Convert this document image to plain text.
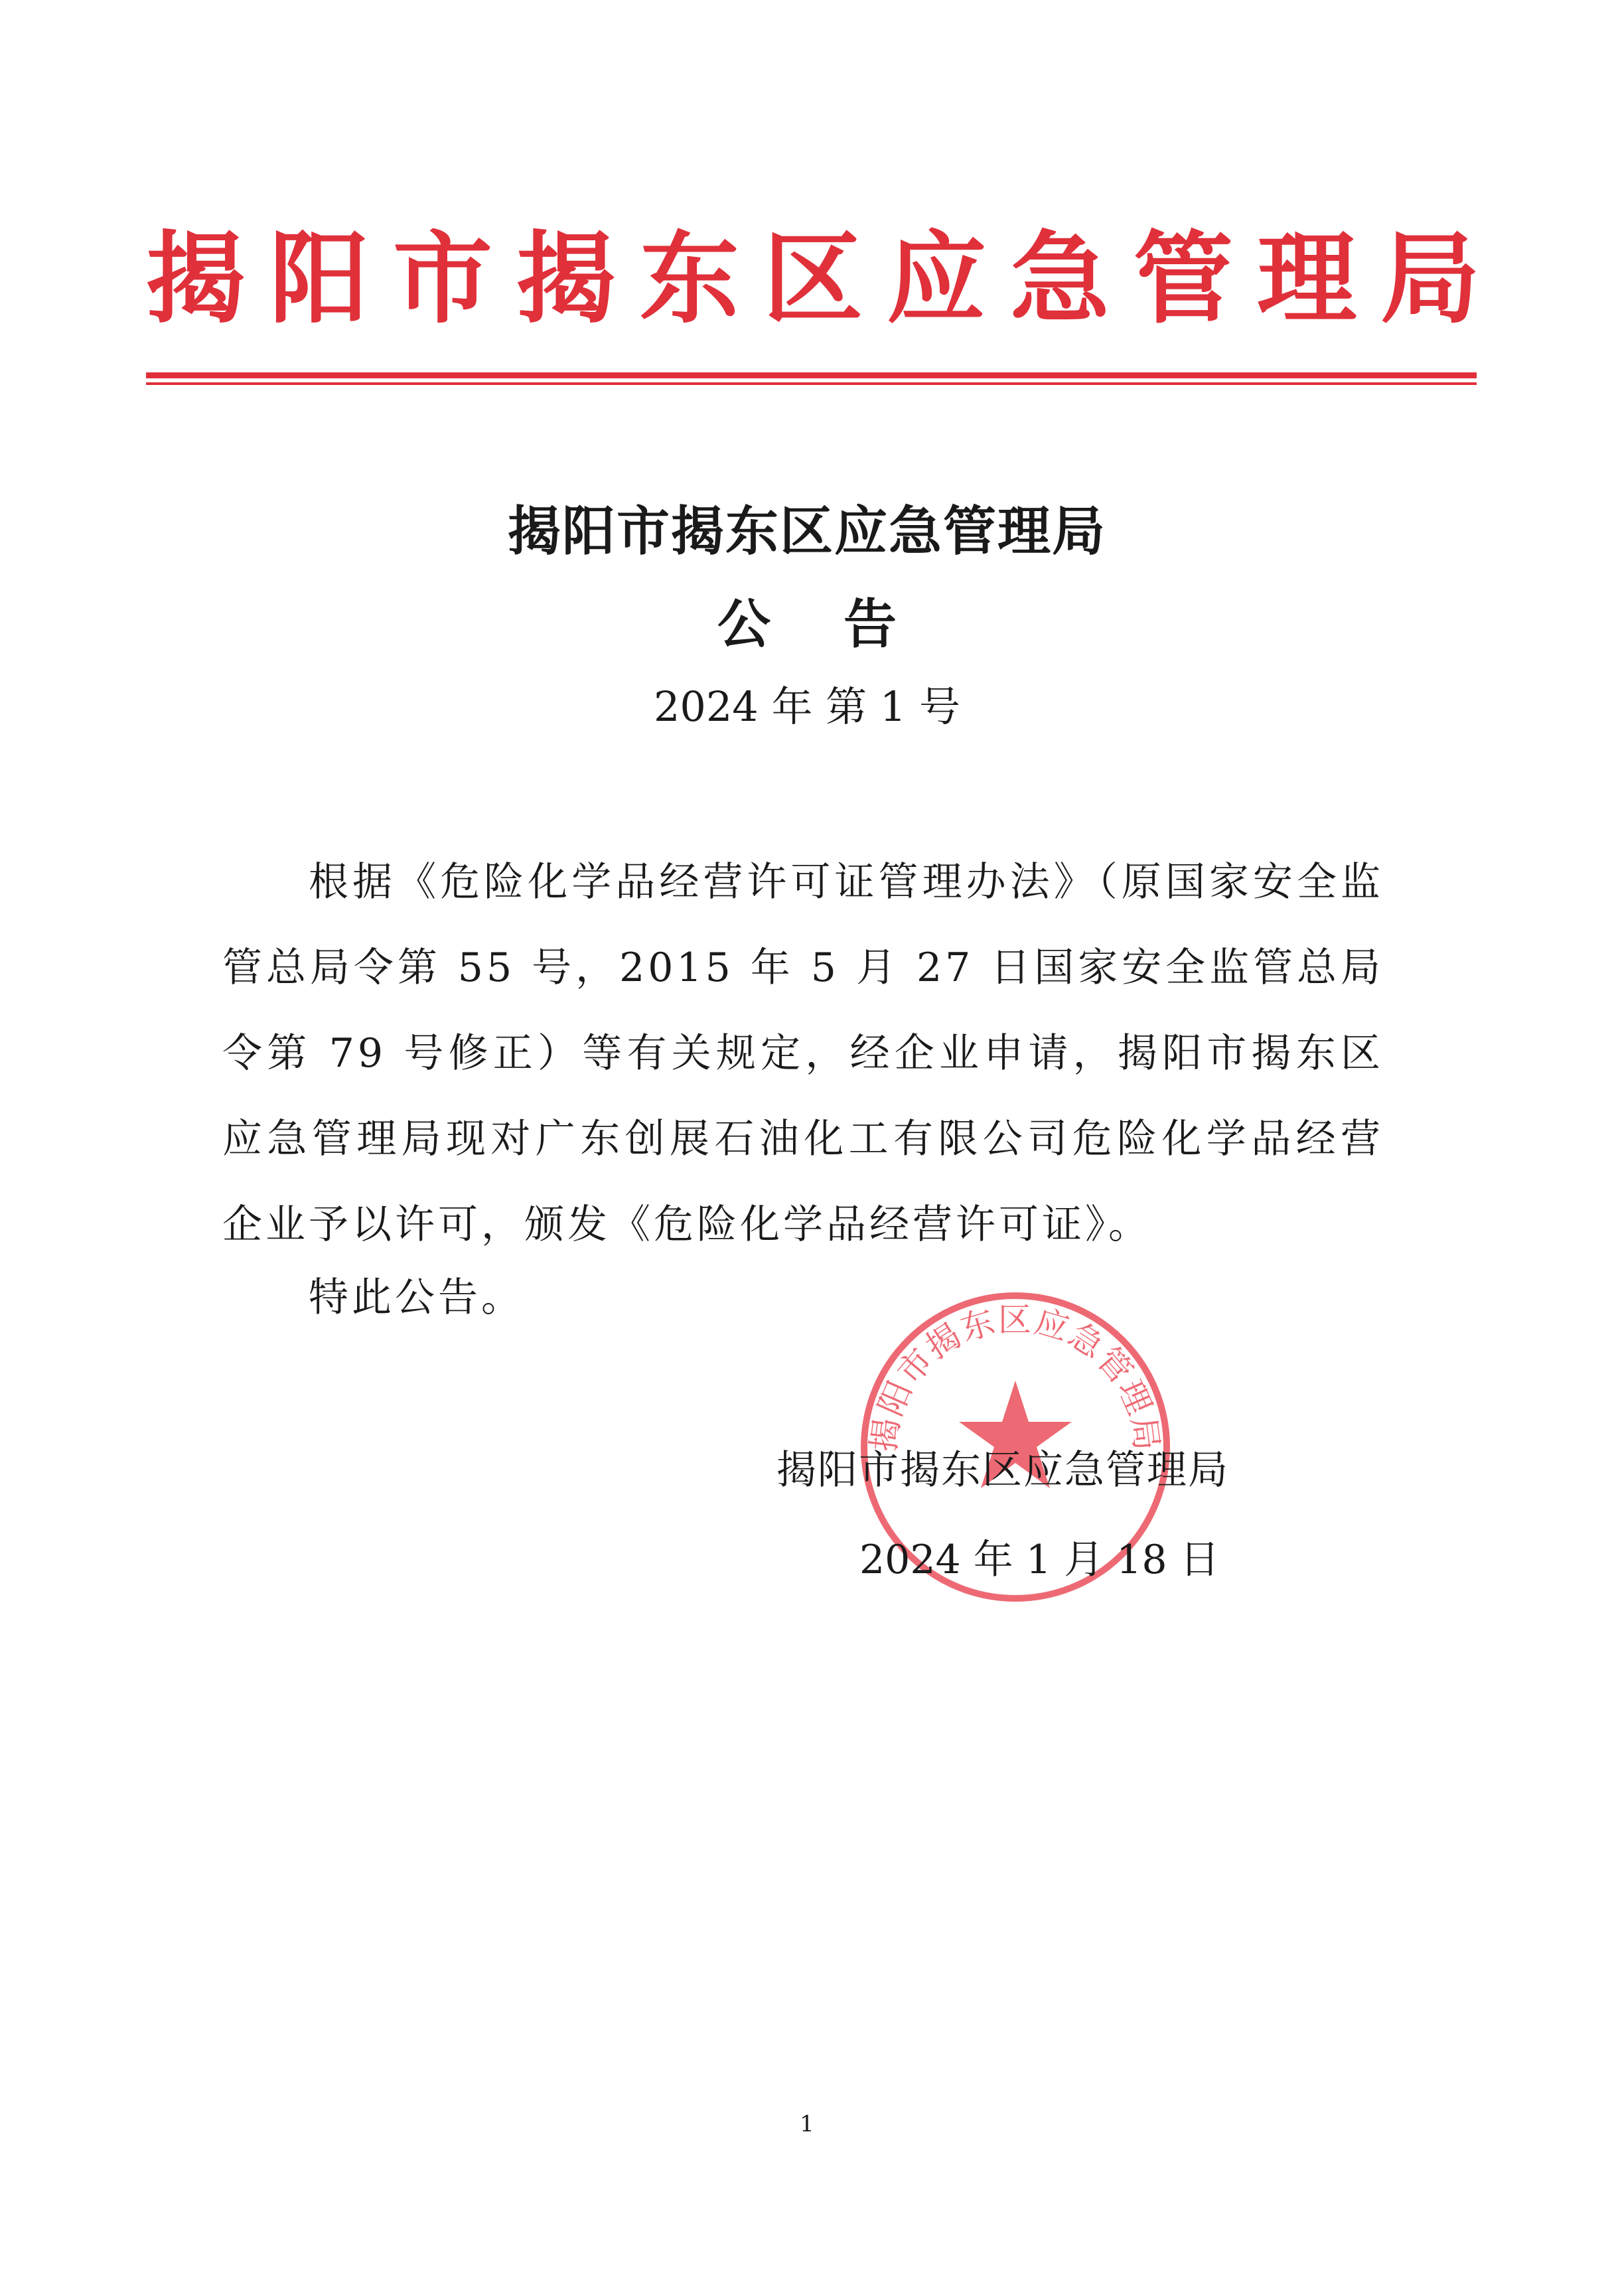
揭阳市揭东区应急管理局
揭阳市揭东区应急管理局
公告
2024 年 第 1 号
根据《危险化学品经营许可证管理办法》（原国家安全监管总局令第 55 号，2015 年 5 月 27 日国家安全监管总局令第 79 号修正）等有关规定，经企业申请，揭阳市揭东区应急管理局现对广东创展石油化工有限公司危险化学品经营企业予以许可，颁发《危险化学品经营许可证》。
特此公告。
揭阳市揭东区应急管理局
揭阳市揭东区应急管理局
2024 年 1 月 18 日
1
